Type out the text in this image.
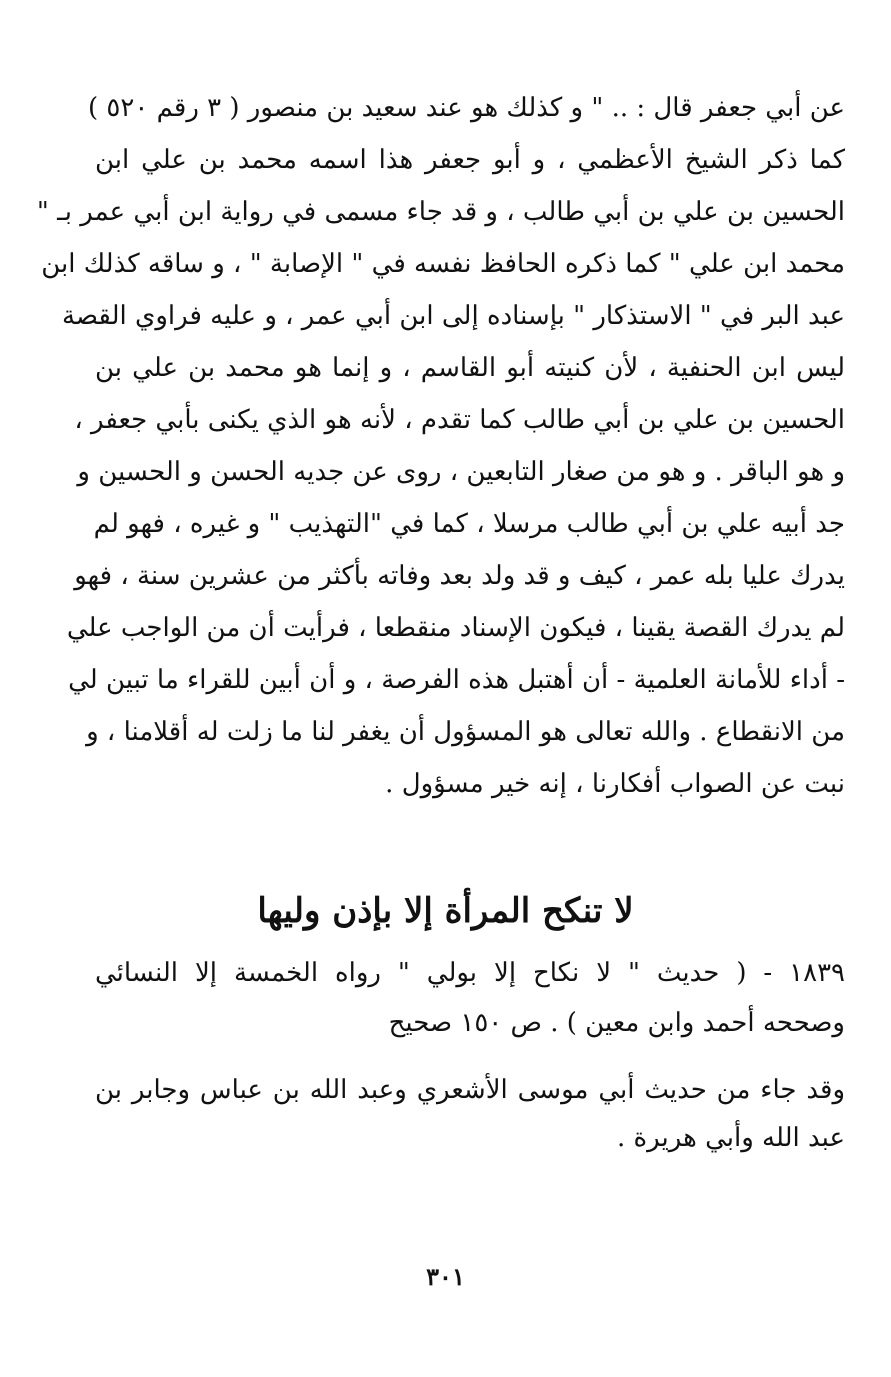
عن أبي جعفر قال : .. " و كذلك هو عند سعيد بن منصور ( ٣ رقم ٥٢٠ )
كما ذكر الشيخ الأعظمي ، و أبو جعفر هذا اسمه محمد بن علي ابن
الحسين بن علي بن أبي طالب ، و قد جاء مسمى في رواية ابن أبي عمر بـ "
محمد ابن علي " كما ذكره الحافظ نفسه في " الإصابة " ، و ساقه كذلك ابن
عبد البر في " الاستذكار " بإسناده إلى ابن أبي عمر ، و عليه فراوي القصة
ليس ابن الحنفية ، لأن كنيته أبو القاسم ، و إنما هو محمد بن علي بن
الحسين بن علي بن أبي طالب كما تقدم ، لأنه هو الذي يكنى بأبي جعفر ،
و هو الباقر . و هو من صغار التابعين ، روى عن جديه الحسن و الحسين و
جد أبيه علي بن أبي طالب مرسلا ، كما في "التهذيب " و غيره ، فهو لم
يدرك عليا بله عمر ، كيف و قد ولد بعد وفاته بأكثر من عشرين سنة ، فهو
لم يدرك القصة يقينا ، فيكون الإسناد منقطعا ، فرأيت أن من الواجب علي
- أداء للأمانة العلمية - أن أهتبل هذه الفرصة ، و أن أبين للقراء ما تبين لي
من الانقطاع . والله تعالى هو المسؤول أن يغفر لنا ما زلت له أقلامنا ، و
نبت عن الصواب أفكارنا ، إنه خير مسؤول .
لا تنكح المرأة إلا بإذن وليها
١٨٣٩ - ( حديث " لا نكاح إلا بولي " رواه الخمسة إلا النسائي
وصححه أحمد وابن معين ) . ص ١٥٠ صحيح
وقد جاء من حديث أبي موسى الأشعري وعبد الله بن عباس وجابر بن
عبد الله وأبي هريرة .
٣٠١
